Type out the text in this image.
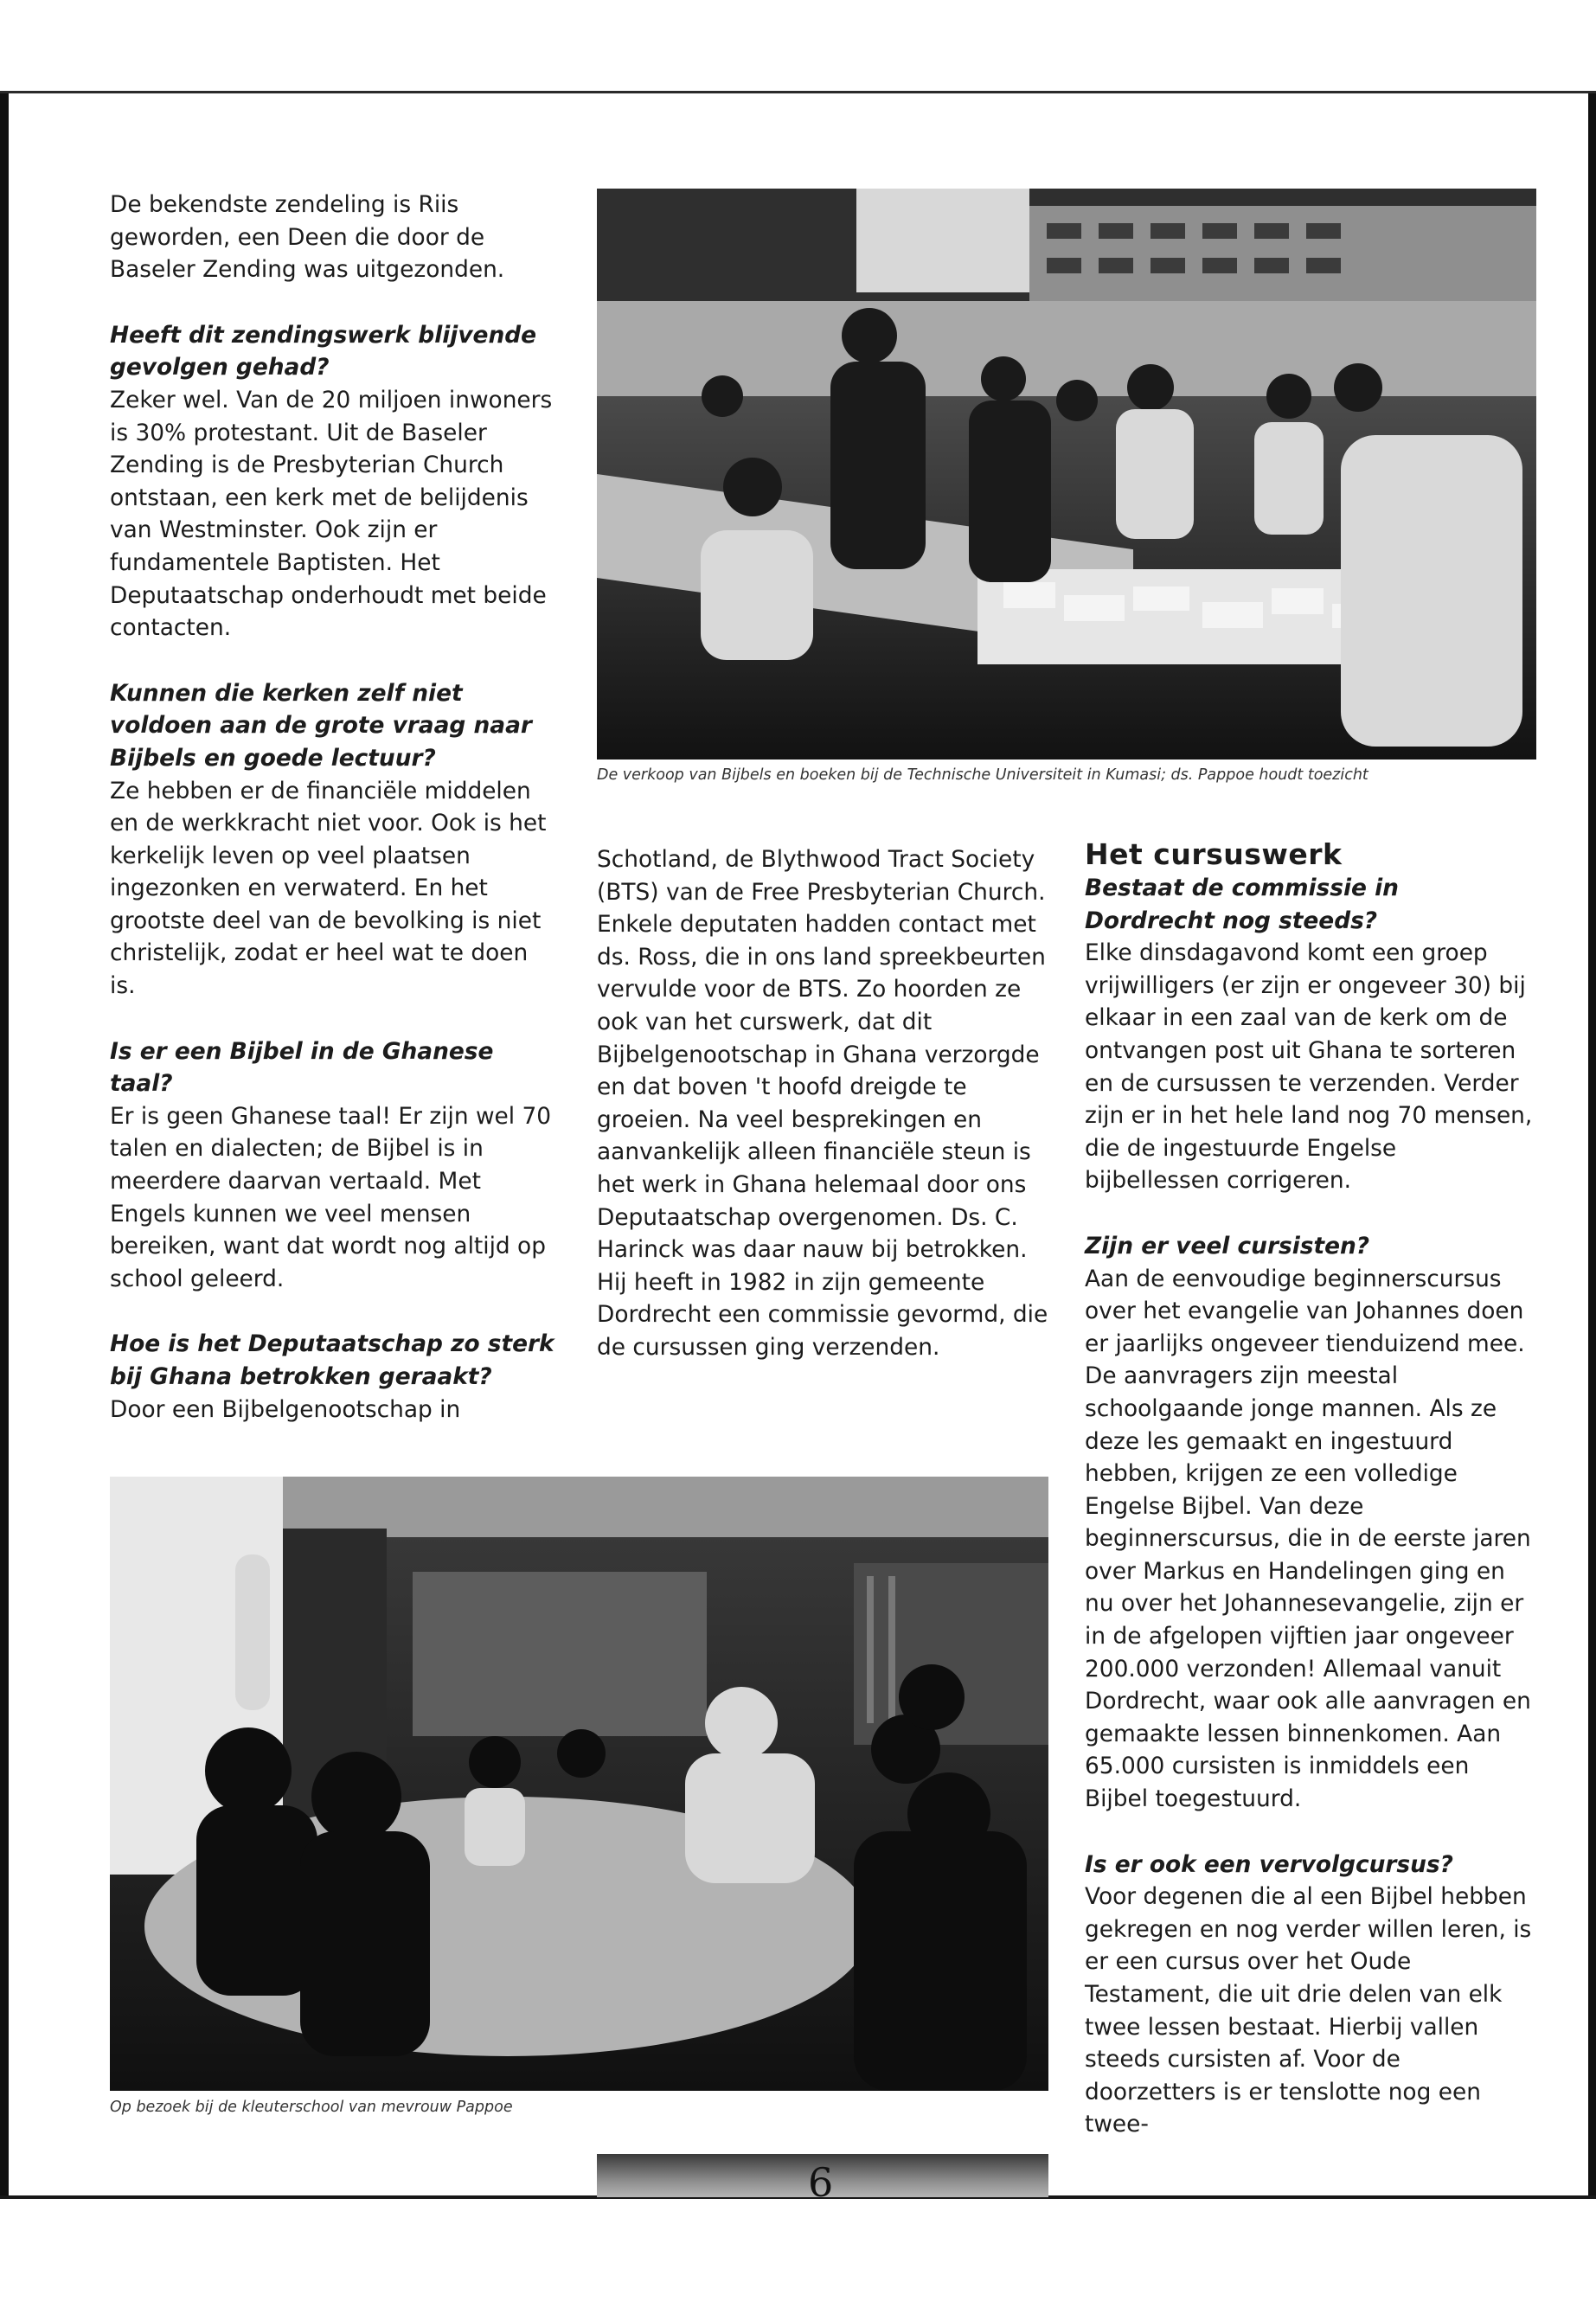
De bekendste zendeling is Riis geworden, een Deen die door de Baseler Zending was uitgezonden.

Heeft dit zendingswerk blijvende gevolgen gehad?

Zeker wel. Van de 20 miljoen inwoners is 30% protestant. Uit de Baseler Zending is de Presbyterian Church ontstaan, een kerk met de belijdenis van Westminster. Ook zijn er fundamentele Baptisten. Het Deputaatschap onderhoudt met beide contacten.

Kunnen die kerken zelf niet voldoen aan de grote vraag naar Bijbels en goede lectuur?

Ze hebben er de financiële middelen en de werkkracht niet voor. Ook is het kerkelijk leven op veel plaatsen ingezonken en verwaterd. En het grootste deel van de bevolking is niet christelijk, zodat er heel wat te doen is.

Is er een Bijbel in de Ghanese taal?

Er is geen Ghanese taal! Er zijn wel 70 talen en dialecten; de Bijbel is in meerdere daarvan vertaald. Met Engels kunnen we veel mensen bereiken, want dat wordt nog altijd op school geleerd.

Hoe is het Deputaatschap zo sterk bij Ghana betrokken geraakt?

Door een Bijbelgenootschap in

De verkoop van Bijbels en boeken bij de Technische Universiteit in Kumasi; ds. Pappoe houdt toezicht

Schotland, de Blythwood Tract Society (BTS) van de Free Presbyterian Church. Enkele deputaten hadden contact met ds. Ross, die in ons land spreekbeurten vervulde voor de BTS. Zo hoorden ze ook van het curswerk, dat dit Bijbelgenootschap in Ghana verzorgde en dat boven 't hoofd dreigde te groeien. Na veel besprekingen en aanvankelijk alleen financiële steun is het werk in Ghana helemaal door ons Deputaatschap overgenomen. Ds. C. Harinck was daar nauw bij betrokken. Hij heeft in 1982 in zijn gemeente Dordrecht een commissie gevormd, die de cursussen ging verzenden.

Het cursuswerk

Bestaat de commissie in Dordrecht nog steeds?

Elke dinsdagavond komt een groep vrijwilligers (er zijn er ongeveer 30) bij elkaar in een zaal van de kerk om de ontvangen post uit Ghana te sorteren en de cursussen te verzenden. Verder zijn er in het hele land nog 70 mensen, die de ingestuurde Engelse bijbellessen corrigeren.

Zijn er veel cursisten?

Aan de eenvoudige beginnerscursus over het evangelie van Johannes doen er jaarlijks ongeveer tienduizend mee. De aanvragers zijn meestal schoolgaande jonge mannen. Als ze deze les gemaakt en ingestuurd hebben, krijgen ze een volledige Engelse Bijbel. Van deze beginnerscursus, die in de eerste jaren over Markus en Handelingen ging en nu over het Johannesevangelie, zijn er in de afgelopen vijftien jaar ongeveer 200.000 verzonden! Allemaal vanuit Dordrecht, waar ook alle aanvragen en gemaakte lessen binnenkomen. Aan 65.000 cursisten is inmiddels een Bijbel toegestuurd.

Is er ook een vervolgcursus?

Voor degenen die al een Bijbel hebben gekregen en nog verder willen leren, is er een cursus over het Oude Testament, die uit drie delen van elk twee lessen bestaat. Hierbij vallen steeds cursisten af. Voor de doorzetters is er tenslotte nog een twee-

Op bezoek bij de kleuterschool van mevrouw Pappoe
6
